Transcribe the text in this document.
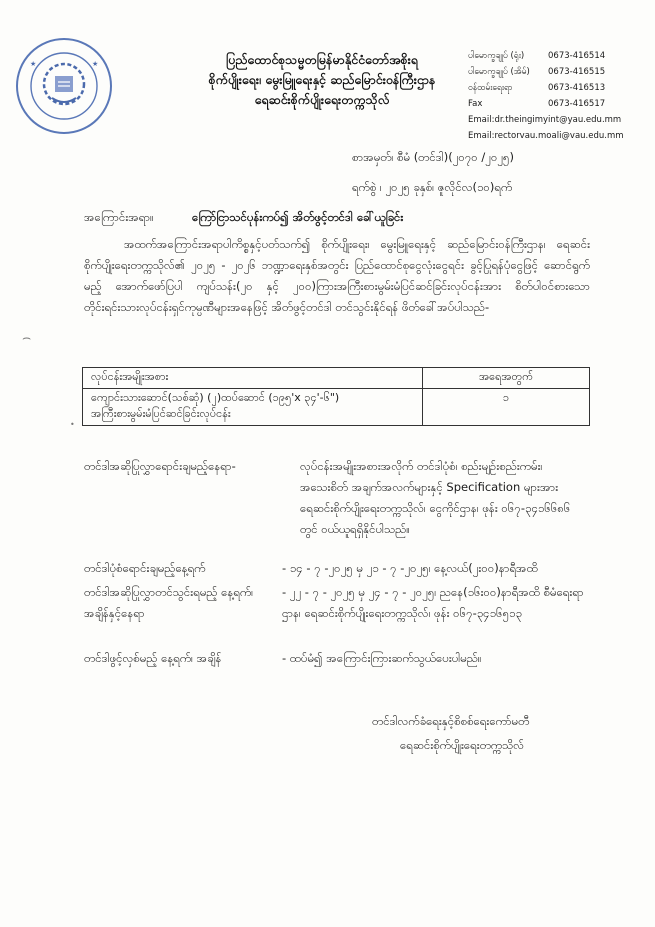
★	★	ပြည်ထောင်စုသမ္မတမြန်မာနိုင်ငံတော်အစိုးရ
စိုက်ပျိုးရေး၊ မွေးမြူရေးနှင့် ဆည်မြောင်းဝန်ကြီးဌာန
ရေဆင်းစိုက်ပျိုးရေးတက္ကသိုလ်
ပါမောက္ခချုပ် (ရုံး)	0673-416514
ပါမောက္ခချုပ် (အိမ်)	0673-416515
ဝန်ထမ်းရေးရာ	0673-416513
Fax	0673-416517
Email:dr.theingimyint@yau.edu.mm
Email:rectorvau.moali@vau.edu.mm
စာအမှတ်၊ စီမံ (တင်ဒါ)(၂၀၇၀ /၂၀၂၅)
ရက်စွဲ ၊ ၂၀၂၅ ခုနှစ်၊ ဇူလိုင်လ(၁၀)ရက်
အကြောင်းအရာ။	ကြော်ငြာသင်ပုန်းကပ်၍ အိတ်ဖွင့်တင်ဒါ ခေါ်ယူခြင်း
အထက်အကြောင်းအရာပါကိစ္စနှင့်ပတ်သက်၍ စိုက်ပျိုးရေး၊ မွေးမြူရေးနှင့် ဆည်မြောင်းဝန်ကြီးဌာန၊ ရေဆင်းစိုက်ပျိုးရေးတက္ကသိုလ်၏ ၂၀၂၅ - ၂၀၂၆ ဘဏ္ဍာရေးနှစ်အတွင်း ပြည်ထောင်စုငွေလုံးငွေရင်း ခွင့်ပြုရန်ပုံငွေဖြင့် ဆောင်ရွက်မည့် အောက်ဖော်ပြပါ ကျပ်သန်း(၂၀ နှင့် ၂၀၀)ကြားအကြီးစားမွမ်းမံပြင်ဆင်ခြင်းလုပ်ငန်းအား စိတ်ပါဝင်စားသော တိုင်းရင်းသားလုပ်ငန်းရှင်ကုမ္ပဏီများအနေဖြင့် အိတ်ဖွင့်တင်ဒါ တင်သွင်းနိုင်ရန် ဖိတ်ခေါ်အပ်ပါသည်-
လုပ်ငန်းအမျိုးအစား	အရေအတွက်

ကျောင်းသားဆောင်(သစ်ဆုံ) (၂)ထပ်ဆောင် (၁၉၅'x ၃၄'-၆")
အကြီးစားမွမ်းမံပြင်ဆင်ခြင်းလုပ်ငန်း	၁
တင်ဒါအဆိုပြုလွှာရောင်းချမည့်နေရာ-	လုပ်ငန်းအမျိုးအစားအလိုက် တင်ဒါပုံစံ၊ စည်းမျဉ်းစည်းကမ်း၊ အသေးစိတ် အချက်အလက်များနှင့် Specification များအား ရေဆင်းစိုက်ပျိုးရေးတက္ကသိုလ်၊ ငွေကိုင်ဌာန၊ ဖုန်း ၀၆၇-၃၄၁၆၆၈၆ တွင် ဝယ်ယူရရှိနိုင်ပါသည်။
တင်ဒါပုံစံရောင်းချမည့်နေ့ရက်	- ၁၄ - ၇ -၂၀၂၅ မှ ၂၁ - ၇ -၂၀၂၅၊ နေ့လယ်(၂း၀၀)နာရီအထိ
တင်ဒါအဆိုပြုလွှာတင်သွင်းရမည့် နေ့ရက်၊ အချိန်နှင့်နေရာ
- ၂၂ - ၇ - ၂၀၂၅ မှ ၂၄ - ၇ - ၂၀၂၅၊ ညနေ(၁၆း၀၀)နာရီအထိ စီမံရေးရာဌာန၊ ရေဆင်းစိုက်ပျိုးရေးတက္ကသိုလ်၊ ဖုန်း ၀၆၇-၃၄၁၆၅၁၃
တင်ဒါဖွင့်လှစ်မည့် နေ့ရက်၊ အချိန်	- ထပ်မံ၍ အကြောင်းကြားဆက်သွယ်ပေးပါမည်။
တင်ဒါလက်ခံရေးနှင့်စိစစ်ရေးကော်မတီ
ရေဆင်းစိုက်ပျိုးရေးတက္ကသိုလ်
⌢
•
